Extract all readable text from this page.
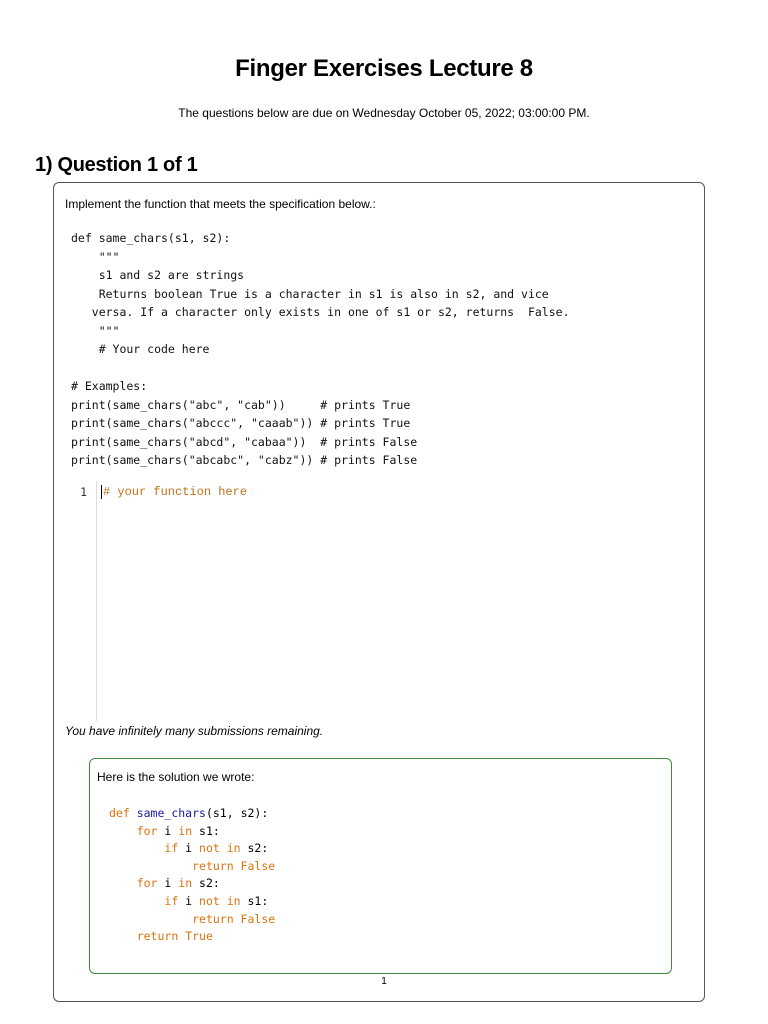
Finger Exercises Lecture 8
The questions below are due on Wednesday October 05, 2022; 03:00:00 PM.
1) Question 1 of 1
Implement the function that meets the specification below.:
def same_chars(s1, s2):
"""
s1 and s2 are strings
Returns boolean True is a character in s1 is also in s2, and vice
versa. If a character only exists in one of s1 or s2, returns  False.
"""
# Your code here

# Examples:
print(same_chars("abc", "cab"))     # prints True
print(same_chars("abccc", "caaab")) # prints True
print(same_chars("abcd", "cabaa"))  # prints False
print(same_chars("abcabc", "cabz")) # prints False
1 # your function here
You have infinitely many submissions remaining.
Here is the solution we wrote:
def same_chars(s1, s2):
for i in s1:
if i not in s2:
return False
for i in s2:
if i not in s1:
return False
return True
1
